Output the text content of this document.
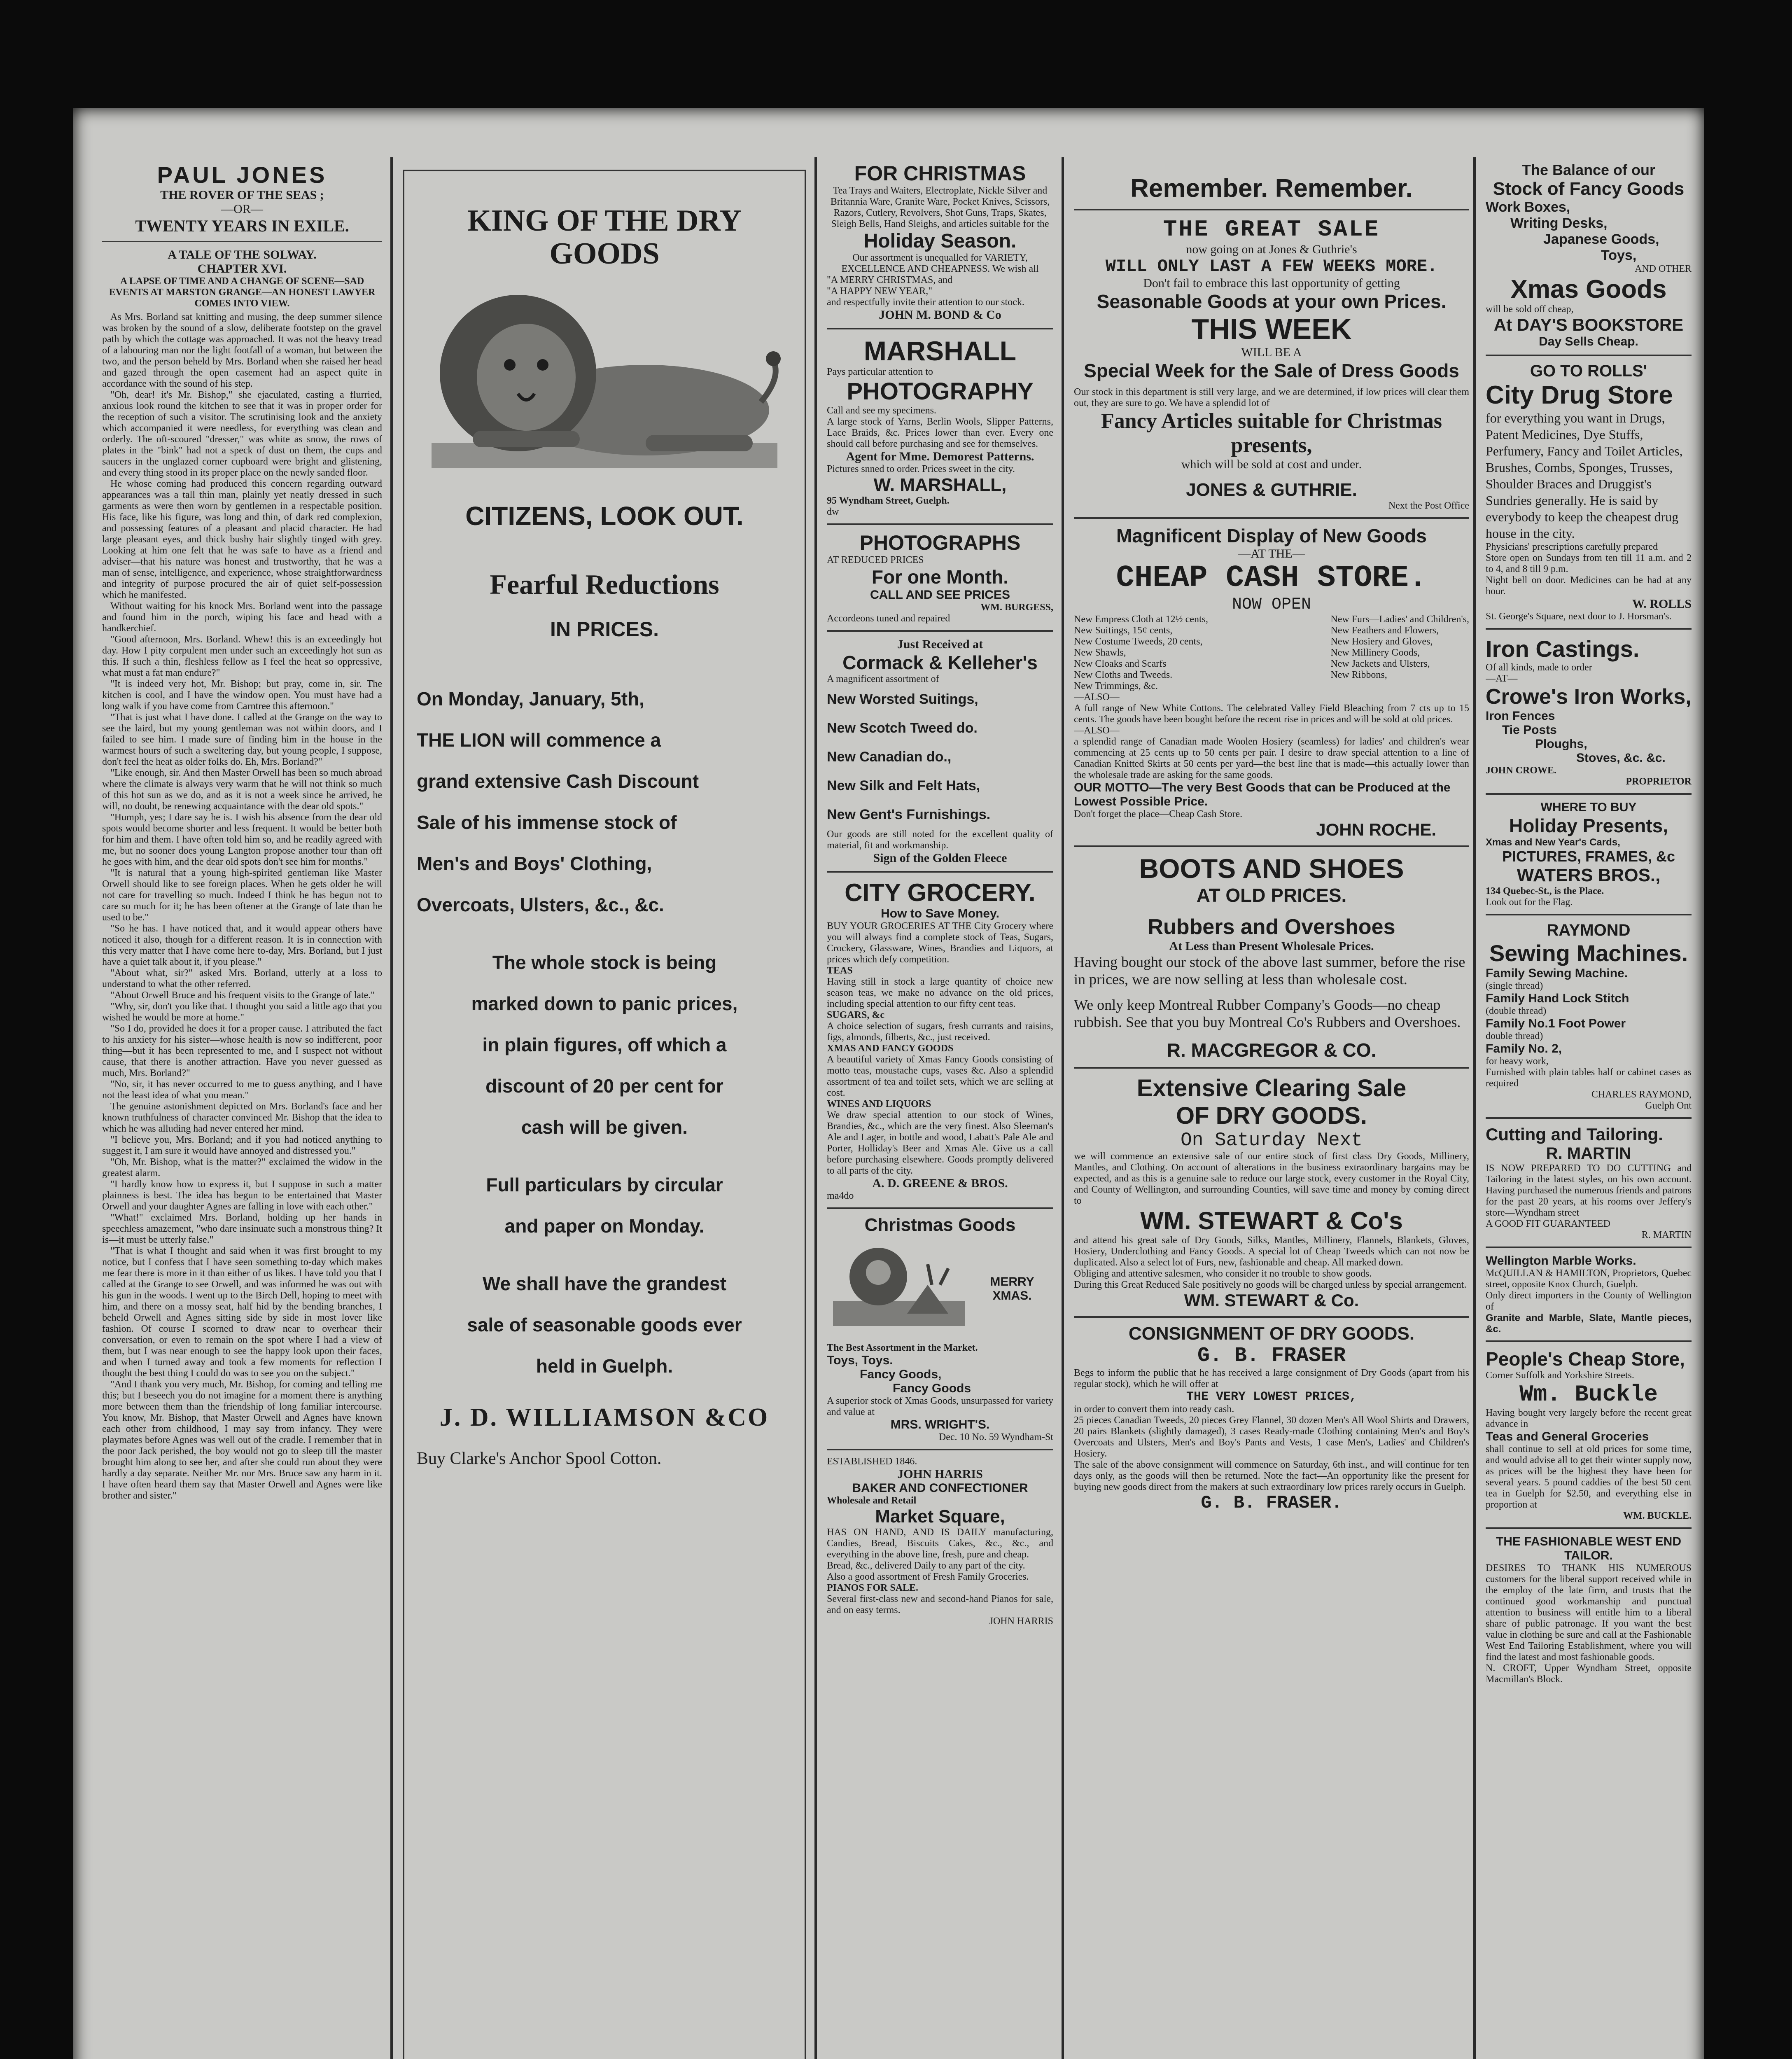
PAUL JONES
THE ROVER OF THE SEAS ;
—OR—
TWENTY YEARS IN EXILE.
A TALE OF THE SOLWAY.
CHAPTER XVI.
A LAPSE OF TIME AND A CHANGE OF SCENE—SAD EVENTS AT MARSTON GRANGE—AN HONEST LAWYER COMES INTO VIEW.

As Mrs. Borland sat knitting and musing, the deep summer silence was broken by the sound of a slow, deliberate footstep on the gravel path by which the cottage was approached. It was not the heavy tread of a labouring man nor the light footfall of a woman, but between the two, and the person beheld by Mrs. Borland when she raised her head and gazed through the open casement had an aspect quite in accordance with the sound of his step.

"Oh, dear! it's Mr. Bishop," she ejaculated, casting a flurried, anxious look round the kitchen to see that it was in proper order for the reception of such a visitor. The scrutinising look and the anxiety which accompanied it were needless, for everything was clean and orderly. The oft-scoured "dresser," was white as snow, the rows of plates in the "bink" had not a speck of dust on them, the cups and saucers in the unglazed corner cupboard were bright and glistening, and every thing stood in its proper place on the newly sanded floor.

He whose coming had produced this concern regarding outward appearances was a tall thin man, plainly yet neatly dressed in such garments as were then worn by gentlemen in a respectable position. His face, like his figure, was long and thin, of dark red complexion, and possessing features of a pleasant and placid character. He had large pleasant eyes, and thick bushy hair slightly tinged with grey. Looking at him one felt that he was safe to have as a friend and adviser—that his nature was honest and trustworthy, that he was a man of sense, intelligence, and experience, whose straightforwardness and integrity of purpose procured the air of quiet self-possession which he manifested.

Without waiting for his knock Mrs. Borland went into the passage and found him in the porch, wiping his face and head with a handkerchief.

"Good afternoon, Mrs. Borland. Whew! this is an exceedingly hot day. How I pity corpulent men under such an exceedingly hot sun as this. If such a thin, fleshless fellow as I feel the heat so oppressive, what must a fat man endure?"

"It is indeed very hot, Mr. Bishop; but pray, come in, sir. The kitchen is cool, and I have the window open. You must have had a long walk if you have come from Carntree this afternoon."

"That is just what I have done. I called at the Grange on the way to see the laird, but my young gentleman was not within doors, and I failed to see him. I made sure of finding him in the house in the warmest hours of such a sweltering day, but young people, I suppose, don't feel the heat as older folks do. Eh, Mrs. Borland?"

"Like enough, sir. And then Master Orwell has been so much abroad where the climate is always very warm that he will not think so much of this hot sun as we do, and as it is not a week since he arrived, he will, no doubt, be renewing acquaintance with the dear old spots."

"Humph, yes; I dare say he is. I wish his absence from the dear old spots would become shorter and less frequent. It would be better both for him and them. I have often told him so, and he readily agreed with me, but no sooner does young Langton propose another tour than off he goes with him, and the dear old spots don't see him for months."

"It is natural that a young high-spirited gentleman like Master Orwell should like to see foreign places. When he gets older he will not care for travelling so much. Indeed I think he has begun not to care so much for it; he has been oftener at the Grange of late than he used to be."

"So he has. I have noticed that, and it would appear others have noticed it also, though for a different reason. It is in connection with this very matter that I have come here to-day, Mrs. Borland, but I just have a quiet talk about it, if you please."

"About what, sir?" asked Mrs. Borland, utterly at a loss to understand to what the other referred.

"About Orwell Bruce and his frequent visits to the Grange of late."

"Why, sir, don't you like that. I thought you said a little ago that you wished he would be more at home."

"So I do, provided he does it for a proper cause. I attributed the fact to his anxiety for his sister—whose health is now so indifferent, poor thing—but it has been represented to me, and I suspect not without cause, that there is another attraction. Have you never guessed as much, Mrs. Borland?"

"No, sir, it has never occurred to me to guess anything, and I have not the least idea of what you mean."

The genuine astonishment depicted on Mrs. Borland's face and her known truthfulness of character convinced Mr. Bishop that the idea to which he was alluding had never entered her mind.

"I believe you, Mrs. Borland; and if you had noticed anything to suggest it, I am sure it would have annoyed and distressed you."

"Oh, Mr. Bishop, what is the matter?" exclaimed the widow in the greatest alarm.

"I hardly know how to express it, but I suppose in such a matter plainness is best. The idea has begun to be entertained that Master Orwell and your daughter Agnes are falling in love with each other."

"What!" exclaimed Mrs. Borland, holding up her hands in speechless amazement, "who dare insinuate such a monstrous thing? It is—it must be utterly false."

"That is what I thought and said when it was first brought to my notice, but I confess that I have seen something to-day which makes me fear there is more in it than either of us likes. I have told you that I called at the Grange to see Orwell, and was informed he was out with his gun in the woods. I went up to the Birch Dell, hoping to meet with him, and there on a mossy seat, half hid by the bending branches, I beheld Orwell and Agnes sitting side by side in most lover like fashion. Of course I scorned to draw near to overhear their conversation, or even to remain on the spot where I had a view of them, but I was near enough to see the happy look upon their faces, and when I turned away and took a few moments for reflection I thought the best thing I could do was to see you on the subject."

"And I thank you very much, Mr. Bishop, for coming and telling me this; but I beseech you do not imagine for a moment there is anything more between them than the friendship of long familiar intercourse. You know, Mr. Bishop, that Master Orwell and Agnes have known each other from childhood, I may say from infancy. They were playmates before Agnes was well out of the cradle. I remember that in the poor Jack perished, the boy would not go to sleep till the master brought him along to see her, and after she could run about they were hardly a day separate. Neither Mr. nor Mrs. Bruce saw any harm in it. I have often heard them say that Master Orwell and Agnes were like brother and sister."

KING OF THE DRY GOODS
CITIZENS, LOOK OUT.
Fearful Reductions
IN PRICES.

On Monday, January, 5th,

THE LION will commence a

grand extensive Cash Discount

Sale of his immense stock of

Men's and Boys' Clothing,

Overcoats, Ulsters, &c., &c.

The whole stock is being

marked down to panic prices,

in plain figures, off which a

discount of 20 per cent for

cash will be given.

Full particulars by circular

and paper on Monday.

We shall have the grandest

sale of seasonable goods ever

held in Guelph.

J. D. WILLIAMSON &CO
Buy Clarke's Anchor Spool Cotton.
FOR CHRISTMAS
Tea Trays and Waiters, Electroplate, Nickle Silver and Britannia Ware, Granite Ware, Pocket Knives, Scissors, Razors, Cutlery, Revolvers, Shot Guns, Traps, Skates, Sleigh Bells, Hand Sleighs, and articles suitable for the
Holiday Season.
Our assortment is unequalled for VARIETY, EXCELLENCE AND CHEAPNESS. We wish all
"A MERRY CHRISTMAS, and
"A HAPPY NEW YEAR,"
and respectfully invite their attention to our stock.
JOHN M. BOND & Co
MARSHALL
Pays particular attention to
PHOTOGRAPHY
Call and see my specimens.
A large stock of Yarns, Berlin Wools, Slipper Patterns, Lace Braids, &c. Prices lower than ever. Every one should call before purchasing and see for themselves.
Agent for Mme. Demorest Patterns.
Pictures snned to order. Prices sweet in the city.
W. MARSHALL,
95 Wyndham Street, Guelph.
dw
PHOTOGRAPHS
AT REDUCED PRICES
For one Month.
CALL AND SEE PRICES
WM. BURGESS,
Accordeons tuned and repaired
Just Received at
Cormack & Kelleher's
A magnificent assortment of

New Worsted Suitings,

New Scotch Tweed do.

New Canadian do.,

New Silk and Felt Hats,

New Gent's Furnishings.

Our goods are still noted for the excellent quality of material, fit and workmanship.
Sign of the Golden Fleece
CITY GROCERY.
How to Save Money.
BUY YOUR GROCERIES AT THE City Grocery where you will always find a complete stock of Teas, Sugars, Crockery, Glassware, Wines, Brandies and Liquors, at prices which defy competition.
TEAS
Having still in stock a large quantity of choice new season teas, we make no advance on the old prices, including special attention to our fifty cent teas.
SUGARS, &c
A choice selection of sugars, fresh currants and raisins, figs, almonds, filberts, &c., just received.
XMAS AND FANCY GOODS
A beautiful variety of Xmas Fancy Goods consisting of motto teas, moustache cups, vases &c. Also a splendid assortment of tea and toilet sets, which we are selling at cost.
WINES AND LIQUORS
We draw special attention to our stock of Wines, Brandies, &c., which are the very finest. Also Sleeman's Ale and Lager, in bottle and wood, Labatt's Pale Ale and Porter, Holliday's Beer and Xmas Ale. Give us a call before purchasing elsewhere. Goods promptly delivered to all parts of the city.
A. D. GREENE & BROS.
ma4do
Christmas Goods
MERRY
XMAS.
The Best Assortment in the Market.
Toys, Toys.
Fancy Goods,
Fancy Goods
A superior stock of Xmas Goods, unsurpassed for variety and value at
MRS. WRIGHT'S.
Dec. 10 No. 59 Wyndham-St
ESTABLISHED 1846.
JOHN HARRIS
BAKER AND CONFECTIONER
Wholesale and Retail
Market Square,
HAS ON HAND, AND IS DAILY manufacturing, Candies, Bread, Biscuits Cakes, &c., &c., and everything in the above line, fresh, pure and cheap.
Bread, &c., delivered Daily to any part of the city.
Also a good assortment of Fresh Family Groceries.
PIANOS FOR SALE.
Several first-class new and second-hand Pianos for sale, and on easy terms.
JOHN HARRIS
Remember. Remember.
THE GREAT SALE
now going on at Jones & Guthrie's
WILL ONLY LAST A FEW WEEKS MORE.
Don't fail to embrace this last opportunity of getting
Seasonable Goods at your own Prices.
THIS WEEK
WILL BE A
Special Week for the Sale of Dress Goods
Our stock in this department is still very large, and we are determined, if low prices will clear them out, they are sure to go. We have a splendid lot of
Fancy Articles suitable for Christmas presents,
which will be sold at cost and under.
JONES & GUTHRIE.
Next the Post Office
Magnificent Display of New Goods
—AT THE—
CHEAP CASH STORE.
NOW OPEN

New Empress Cloth at 12½ cents,

New Suitings, 15¢ cents,

New Costume Tweeds, 20 cents,

New Shawls,

New Cloaks and Scarfs

New Cloths and Tweeds.

New Furs—Ladies' and Children's,

New Feathers and Flowers,

New Hosiery and Gloves,

New Millinery Goods,

New Jackets and Ulsters,

New Ribbons,

New Trimmings, &c.
—ALSO—
A full range of New White Cottons. The celebrated Valley Field Bleaching from 7 cts up to 15 cents. The goods have been bought before the recent rise in prices and will be sold at old prices.
—ALSO—
a splendid range of Canadian made Woolen Hosiery (seamless) for ladies' and children's wear commencing at 25 cents up to 50 cents per pair. I desire to draw special attention to a line of Canadian Knitted Skirts at 50 cents per yard—the best line that is made—this actually lower than the wholesale trade are asking for the same goods.
OUR MOTTO—The very Best Goods that can be Produced at the Lowest Possible Price.
Don't forget the place—Cheap Cash Store.
JOHN ROCHE.
BOOTS AND SHOES
AT OLD PRICES.
Rubbers and Overshoes
At Less than Present Wholesale Prices.
Having bought our stock of the above last summer, before the rise in prices, we are now selling at less than wholesale cost.
We only keep Montreal Rubber Company's Goods—no cheap rubbish. See that you buy Montreal Co's Rubbers and Overshoes.
R. MACGREGOR & CO.
Extensive Clearing Sale
OF DRY GOODS.
On Saturday Next
we will commence an extensive sale of our entire stock of first class Dry Goods, Millinery, Mantles, and Clothing. On account of alterations in the business extraordinary bargains may be expected, and as this is a genuine sale to reduce our large stock, every customer in the Royal City, and County of Wellington, and surrounding Counties, will save time and money by coming direct to
WM. STEWART & Co's
and attend his great sale of Dry Goods, Silks, Mantles, Millinery, Flannels, Blankets, Gloves, Hosiery, Underclothing and Fancy Goods. A special lot of Cheap Tweeds which can not now be duplicated. Also a select lot of Furs, new, fashionable and cheap. All marked down.
Obliging and attentive salesmen, who consider it no trouble to show goods.
During this Great Reduced Sale positively no goods will be charged unless by special arrangement.
WM. STEWART & Co.
CONSIGNMENT OF DRY GOODS.
G. B. FRASER
Begs to inform the public that he has received a large consignment of Dry Goods (apart from his regular stock), which he will offer at
THE VERY LOWEST PRICES,
in order to convert them into ready cash.
25 pieces Canadian Tweeds, 20 pieces Grey Flannel, 30 dozen Men's All Wool Shirts and Drawers, 20 pairs Blankets (slightly damaged), 3 cases Ready-made Clothing containing Men's and Boy's Overcoats and Ulsters, Men's and Boy's Pants and Vests, 1 case Men's, Ladies' and Children's Hosiery.
The sale of the above consignment will commence on Saturday, 6th inst., and will continue for ten days only, as the goods will then be returned. Note the fact—An opportunity like the present for buying new goods direct from the makers at such extraordinary low prices rarely occurs in Guelph.
G. B. FRASER.
The Balance of our
Stock of Fancy Goods
Work Boxes,
Writing Desks,
Japanese Goods,
Toys,
AND OTHER
Xmas Goods
will be sold off cheap,
At DAY'S BOOKSTORE
Day Sells Cheap.
GO TO ROLLS'
City Drug Store
for everything you want in Drugs, Patent Medicines, Dye Stuffs, Perfumery, Fancy and Toilet Articles, Brushes, Combs, Sponges, Trusses, Shoulder Braces and Druggist's Sundries generally. He is said by everybody to keep the cheapest drug house in the city.
Physicians' prescriptions carefully prepared
Store open on Sundays from ten till 11 a.m. and 2 to 4, and 8 till 9 p.m.
Night bell on door. Medicines can be had at any hour.
W. ROLLS
St. George's Square, next door to J. Horsman's.
Iron Castings.
Of all kinds, made to order
—AT—
Crowe's Iron Works,
Iron Fences
Tie Posts
Ploughs,
Stoves, &c. &c.
JOHN CROWE.
PROPRIETOR
WHERE TO BUY
Holiday Presents,
Xmas and New Year's Cards,
PICTURES, FRAMES, &c
WATERS BROS.,
134 Quebec-St., is the Place.
Look out for the Flag.
RAYMOND
Sewing Machines.
Family Sewing Machine.
(single thread)
Family Hand Lock Stitch
(double thread)
Family No.1 Foot Power
double thread)
Family No. 2,
for heavy work,
Furnished with plain tables half or cabinet cases as required
CHARLES RAYMOND,
Guelph Ont
Cutting and Tailoring.
R. MARTIN
IS NOW PREPARED TO DO CUTTING and Tailoring in the latest styles, on his own account. Having purchased the numerous friends and patrons for the past 20 years, at his rooms over Jeffery's store—Wyndham street
A GOOD FIT GUARANTEED
R. MARTIN
Wellington Marble Works.
McQUILLAN & HAMILTON, Proprietors, Quebec street, opposite Knox Church, Guelph.
Only direct importers in the County of Wellington of
Granite and Marble, Slate, Mantle pieces, &c.
People's Cheap Store,
Corner Suffolk and Yorkshire Streets.
Wm. Buckle
Having bought very largely before the recent great advance in
Teas and General Groceries
shall continue to sell at old prices for some time, and would advise all to get their winter supply now, as prices will be the highest they have been for several years. 5 pound caddies of the best 50 cent tea in Guelph for $2.50, and everything else in proportion at
WM. BUCKLE.
THE FASHIONABLE WEST END
TAILOR.
DESIRES TO THANK HIS NUMEROUS customers for the liberal support received while in the employ of the late firm, and trusts that the continued good workmanship and punctual attention to business will entitle him to a liberal share of public patronage. If you want the best value in clothing be sure and call at the Fashionable West End Tailoring Establishment, where you will find the latest and most fashionable goods.
N. CROFT, Upper Wyndham Street, opposite Macmillan's Block.
